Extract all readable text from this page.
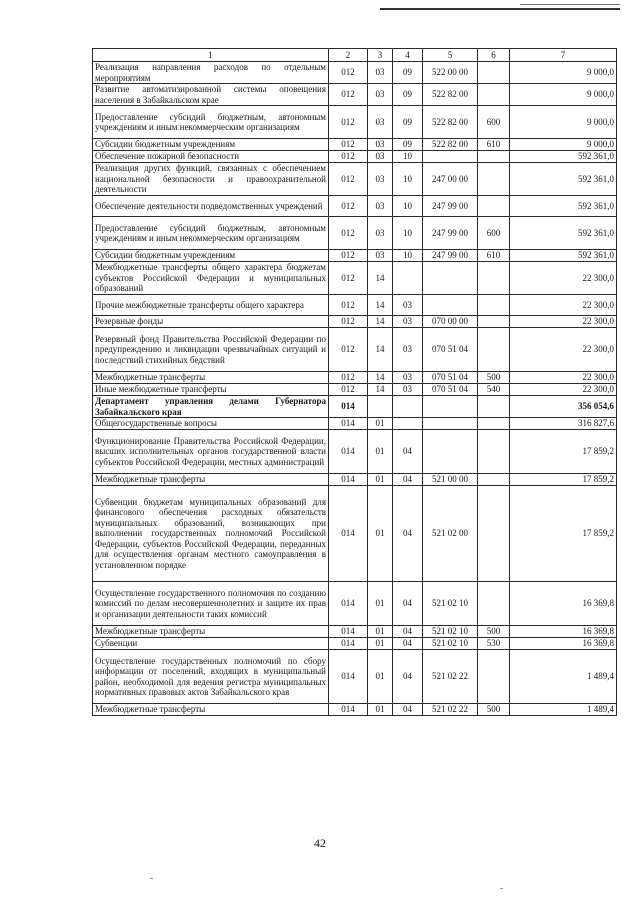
1	2	3	4	5	6	7
Реализация направления расходов по отдельным мероприятиям	012	03	09	522 00 00		9 000,0
Развитие автоматизированной системы оповещения населения в Забайкальском крае	012	03	09	522 82 00		9 000,0
Предоставление субсидий бюджетным, автономным учреждениям и иным некоммерческим организациям	012	03	09	522 82 00	600	9 000,0
Субсидии бюджетным учреждениям	012	03	09	522 82 00	610	9 000,0
Обеспечение пожарной безопасности	012	03	10			592 361,0
Реализация других функций, связанных с обеспечением национальной безопасности и правоохранительной деятельности	012	03	10	247 00 00		592 361,0
Обеспечение деятельности подведомственных учреждений	012	03	10	247 99 00		592 361,0
Предоставление субсидий бюджетным, автономным учреждениям и иным некоммерческим организациям	012	03	10	247 99 00	600	592 361,0
Субсидии бюджетным учреждениям	012	03	10	247 99 00	610	592 361,0
Межбюджетные трансферты общего характера бюджетам субъектов Российской Федерации и муниципальных образований	012	14				22 300,0
Прочие межбюджетные трансферты общего характера	012	14	03			22 300,0
Резервные фонды	012	14	03	070 00 00		22 300,0
Резервный фонд Правительства Российской Федерации по предупреждению и ликвидации чрезвычайных ситуаций и последствий стихийных бедствий	012	14	03	070 51 04		22 300,0
Межбюджетные трансферты	012	14	03	070 51 04	500	22 300,0
Иные межбюджетные трансферты	012	14	03	070 51 04	540	22 300,0
Департамент управления делами Губернатора Забайкальского края	014					356 054,6
Общегосударственные вопросы	014	01				316 827,6
Функционирование Правительства Российской Федерации, высших исполнительных органов государственной власти субъектов Российской Федерации, местных администраций	014	01	04			17 859,2
Межбюджетные трансферты	014	01	04	521 00 00		17 859,2
Субвенции бюджетам муниципальных образований для финансового обеспечения расходных обязательств муниципальных образований, возникающих при выполнении государственных полномочий Российской Федерации, субъектов Российской Федерации, переданных для осуществления органам местного самоуправления в установленном порядке	014	01	04	521 02 00		17 859,2
Осуществление государственного полномочия по созданию комиссий по делам несовершеннолетних и защите их прав и организации деятельности таких комиссий	014	01	04	521 02 10		16 369,8
Межбюджетные трансферты	014	01	04	521 02 10	500	16 369,8
Субвенции	014	01	04	521 02 10	530	16 369,8
Осуществление государственных полномочий по сбору информации от поселений, входящих в муниципальный район, необходимой для ведения регистра муниципальных нормативных правовых актов Забайкальского края	014	01	04	521 02 22		1 489,4
Межбюджетные трансферты	014	01	04	521 02 22	500	1 489,4
42
